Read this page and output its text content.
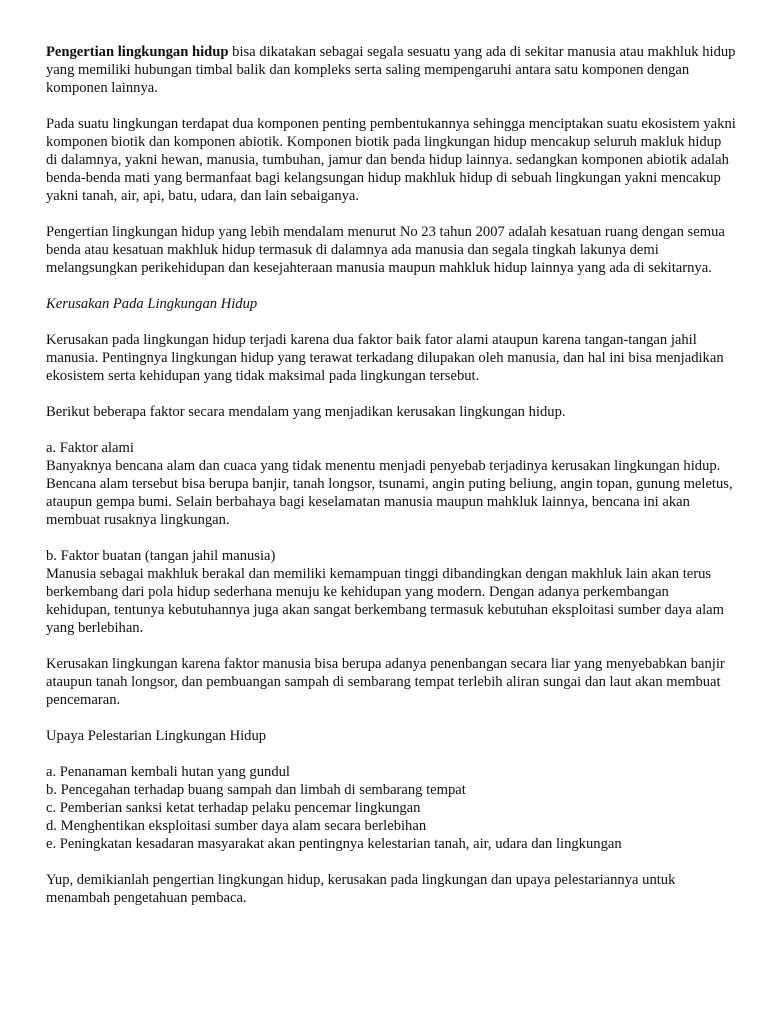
Pengertian lingkungan hidup bisa dikatakan sebagai segala sesuatu yang ada di sekitar manusia atau makhluk hidup yang memiliki hubungan timbal balik dan kompleks serta saling mempengaruhi antara satu komponen dengan komponen lainnya.

Pada suatu lingkungan terdapat dua komponen penting pembentukannya sehingga menciptakan suatu ekosistem yakni komponen biotik dan komponen abiotik. Komponen biotik pada lingkungan hidup mencakup seluruh makluk hidup di dalamnya, yakni hewan, manusia, tumbuhan, jamur dan benda hidup lainnya. sedangkan komponen abiotik adalah benda-benda mati yang bermanfaat bagi kelangsungan hidup makhluk hidup di sebuah lingkungan yakni mencakup yakni tanah, air, api, batu, udara, dan lain sebaiganya.

Pengertian lingkungan hidup yang lebih mendalam menurut No 23 tahun 2007 adalah kesatuan ruang dengan semua benda atau kesatuan makhluk hidup termasuk di dalamnya ada manusia dan segala tingkah lakunya demi melangsungkan perikehidupan dan kesejahteraan manusia maupun mahkluk hidup lainnya yang ada di sekitarnya.

Kerusakan Pada Lingkungan Hidup

Kerusakan pada lingkungan hidup terjadi karena dua faktor baik fator alami ataupun karena tangan-tangan jahil manusia. Pentingnya lingkungan hidup yang terawat terkadang dilupakan oleh manusia, dan hal ini bisa menjadikan ekosistem serta kehidupan yang tidak maksimal pada lingkungan tersebut.

Berikut beberapa faktor secara mendalam yang menjadikan kerusakan lingkungan hidup.

a. Faktor alami

Banyaknya bencana alam dan cuaca yang tidak menentu menjadi penyebab terjadinya kerusakan lingkungan hidup. Bencana alam tersebut bisa berupa banjir, tanah longsor, tsunami, angin puting beliung, angin topan, gunung meletus, ataupun gempa bumi. Selain berbahaya bagi keselamatan manusia maupun mahkluk lainnya, bencana ini akan membuat rusaknya lingkungan.

b. Faktor buatan (tangan jahil manusia)

Manusia sebagai makhluk berakal dan memiliki kemampuan tinggi dibandingkan dengan makhluk lain akan terus berkembang dari pola hidup sederhana menuju ke kehidupan yang modern. Dengan adanya perkembangan kehidupan, tentunya kebutuhannya juga akan sangat berkembang termasuk kebutuhan eksploitasi sumber daya alam yang berlebihan.

Kerusakan lingkungan karena faktor manusia bisa berupa adanya penenbangan secara liar yang menyebabkan banjir ataupun tanah longsor, dan pembuangan sampah di sembarang tempat terlebih aliran sungai dan laut akan membuat pencemaran.

Upaya Pelestarian Lingkungan Hidup

a. Penanaman kembali hutan yang gundul

b. Pencegahan terhadap buang sampah dan limbah di sembarang tempat

c. Pemberian sanksi ketat terhadap pelaku pencemar lingkungan

d. Menghentikan eksploitasi sumber daya alam secara berlebihan

e. Peningkatan kesadaran masyarakat akan pentingnya kelestarian tanah, air, udara dan lingkungan

Yup, demikianlah pengertian lingkungan hidup, kerusakan pada lingkungan dan upaya pelestariannya untuk menambah pengetahuan pembaca.
